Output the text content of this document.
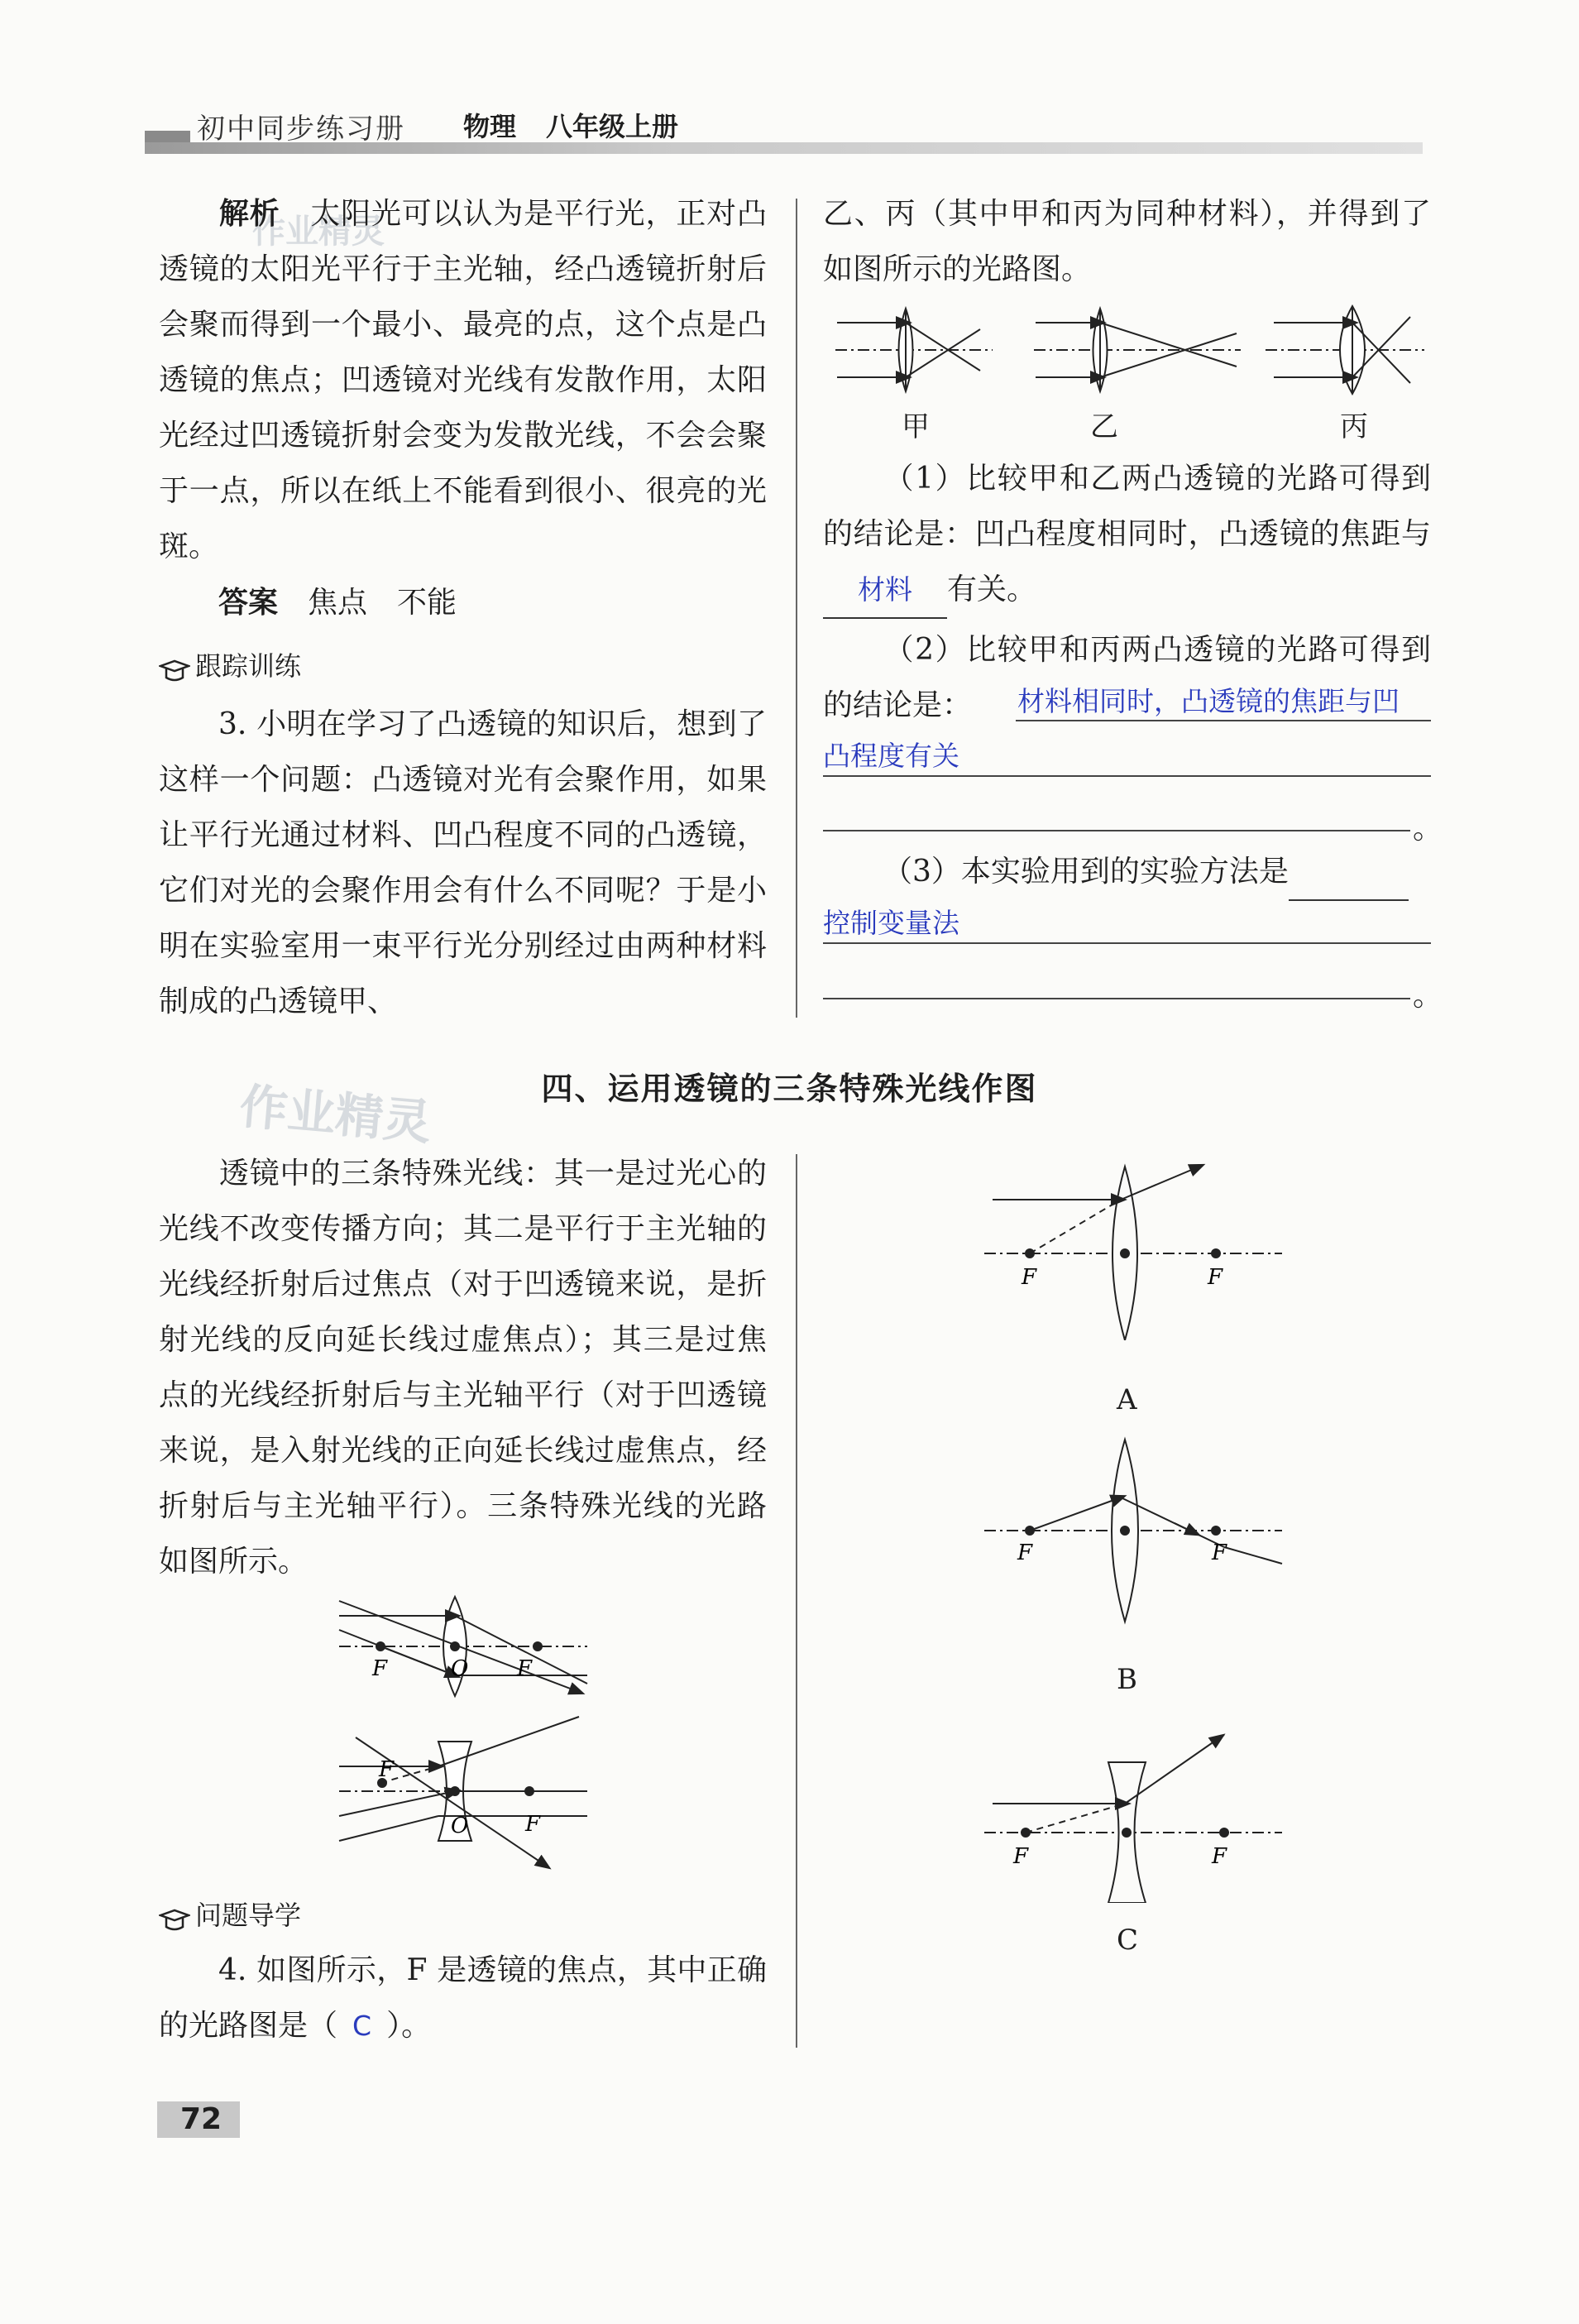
初中同步练习册 物理 八年级上册
作业精灵
作业精灵
解析　 太阳光可以认为是平行光，正对凸透镜的太阳光平行于主光轴，经凸透镜折射后会聚而得到一个最小、最亮的点，这个点是凸透镜的焦点；凹透镜对光线有发散作用，太阳光经过凹透镜折射会变为发散光线，不会会聚于一点，所以在纸上不能看到很小、很亮的光斑。
答案　 焦点　不能
跟踪训练
3. 小明在学习了凸透镜的知识后，想到了这样一个问题：凸透镜对光有会聚作用，如果让平行光通过材料、凹凸程度不同的凸透镜，它们对光的会聚作用会有什么不同呢？于是小明在实验室用一束平行光分别经过由两种材料制成的凸透镜甲、
乙、丙（其中甲和丙为同种材料），并得到了如图所示的光路图。
甲	乙	丙
（1）比较甲和乙两凸透镜的光路可得到的结论是：凹凸程度相同时，凸透镜的焦距与材料 有关。
（2）比较甲和丙两凸透镜的光路可得到的结论是：	材料相同时，凸透镜的焦距与凹
凸程度有关
。
（3）本实验用到的实验方法是
控制变量法
。
四、运用透镜的三条特殊光线作图
透镜中的三条特殊光线：其一是过光心的光线不改变传播方向；其二是平行于主光轴的光线经折射后过焦点（对于凹透镜来说，是折射光线的反向延长线过虚焦点）；其三是过焦点的光线经折射后与主光轴平行（对于凹透镜来说，是入射光线的正向延长线过虚焦点，经折射后与主光轴平行）。三条特殊光线的光路如图所示。
F	O F
F
O	F
问题导学
4. 如图所示，F 是透镜的焦点，其中正确的光路图是（ C ）。
F	F
A
F	F
B
F	F
C
72
